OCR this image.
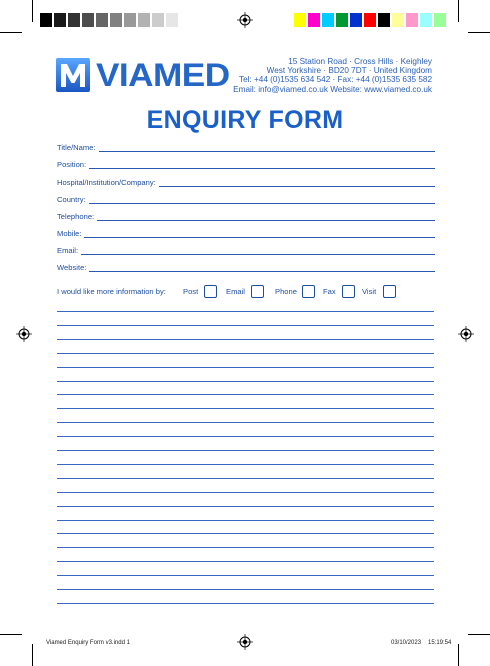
VIAMED	15 Station Road · Cross Hills · Keighley
West Yorkshire · BD20 7DT · United Kingdom
Tel: +44 (0)1535 634 542 · Fax: +44 (0)1535 635 582
Email: info@viamed.co.uk Website: www.viamed.co.uk
ENQUIRY FORM
Title/Name:
Position:
Hospital/Institution/Company:
Country:
Telephone:
Mobile:
Email:
Website:
I would like more information by: Post	Email	Phone	Fax	Visit
Viamed Enquiry Form v3.indd 1	03/10/2023 15:19:54
